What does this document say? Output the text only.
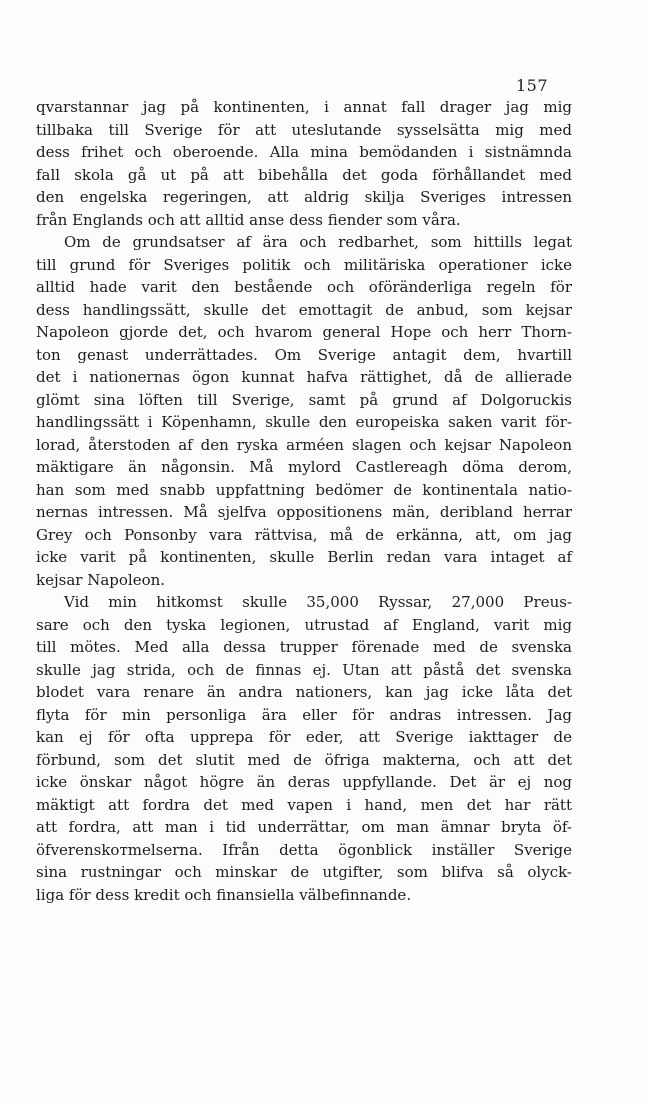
157
qvarstannar jag på kontinenten, i annat fall drager jag mig
tillbaka till Sverige för att uteslutande sysselsätta mig med
dess frihet och oberoende. Alla mina bemödanden i sistnämnda
fall skola gå ut på att bibehålla det goda förhållandet med
den engelska regeringen, att aldrig skilja Sveriges intressen
från Englands och att alltid anse dess fiender som våra.
Om de grundsatser af ära och redbarhet, som hittills legat
till grund för Sveriges politik och militäriska operationer icke
alltid hade varit den bestående och oföränderliga regeln för
dess handlingssätt, skulle det emottagit de anbud, som kejsar
Napoleon gjorde det, och hvarom general Hope och herr Thorn-
ton genast underrättades. Om Sverige antagit dem, hvartill
det i nationernas ögon kunnat hafva rättighet, då de allierade
glömt sina löften till Sverige, samt på grund af Dolgoruckis
handlingssätt i Köpenhamn, skulle den europeiska saken varit för-
lorad, återstoden af den ryska arméen slagen och kejsar Napoleon
mäktigare än någonsin. Må mylord Castlereagh döma derom,
han som med snabb uppfattning bedömer de kontinentala natio-
nernas intressen. Må sjelfva oppositionens män, deribland herrar
Grey och Ponsonby vara rättvisa, må de erkänna, att, om jag
icke varit på kontinenten, skulle Berlin redan vara intaget af
kejsar Napoleon.
Vid min hitkomst skulle 35,000 Ryssar, 27,000 Preus-
sare och den tyska legionen, utrustad af England, varit mig
till mötes. Med alla dessa trupper förenade med de svenska
skulle jag strida, och de finnas ej. Utan att påstå det svenska
blodet vara renare än andra nationers, kan jag icke låta det
flyta för min personliga ära eller för andras intressen. Jag
kan ej för ofta upprepa för eder, att Sverige iakttager de
förbund, som det slutit med de öfriga makterna, och att det
icke önskar något högre än deras uppfyllande. Det är ej nog
mäktigt att fordra det med vapen i hand, men det har rätt
att fordra, att man i tid underrättar, om man ämnar bryta öf-
öfverenskoтmelserna. Ifrån detta ögonblick inställer Sverige
sina rustningar och minskar de utgifter, som blifva så olyck-
liga för dess kredit och finansiella välbefinnande.
